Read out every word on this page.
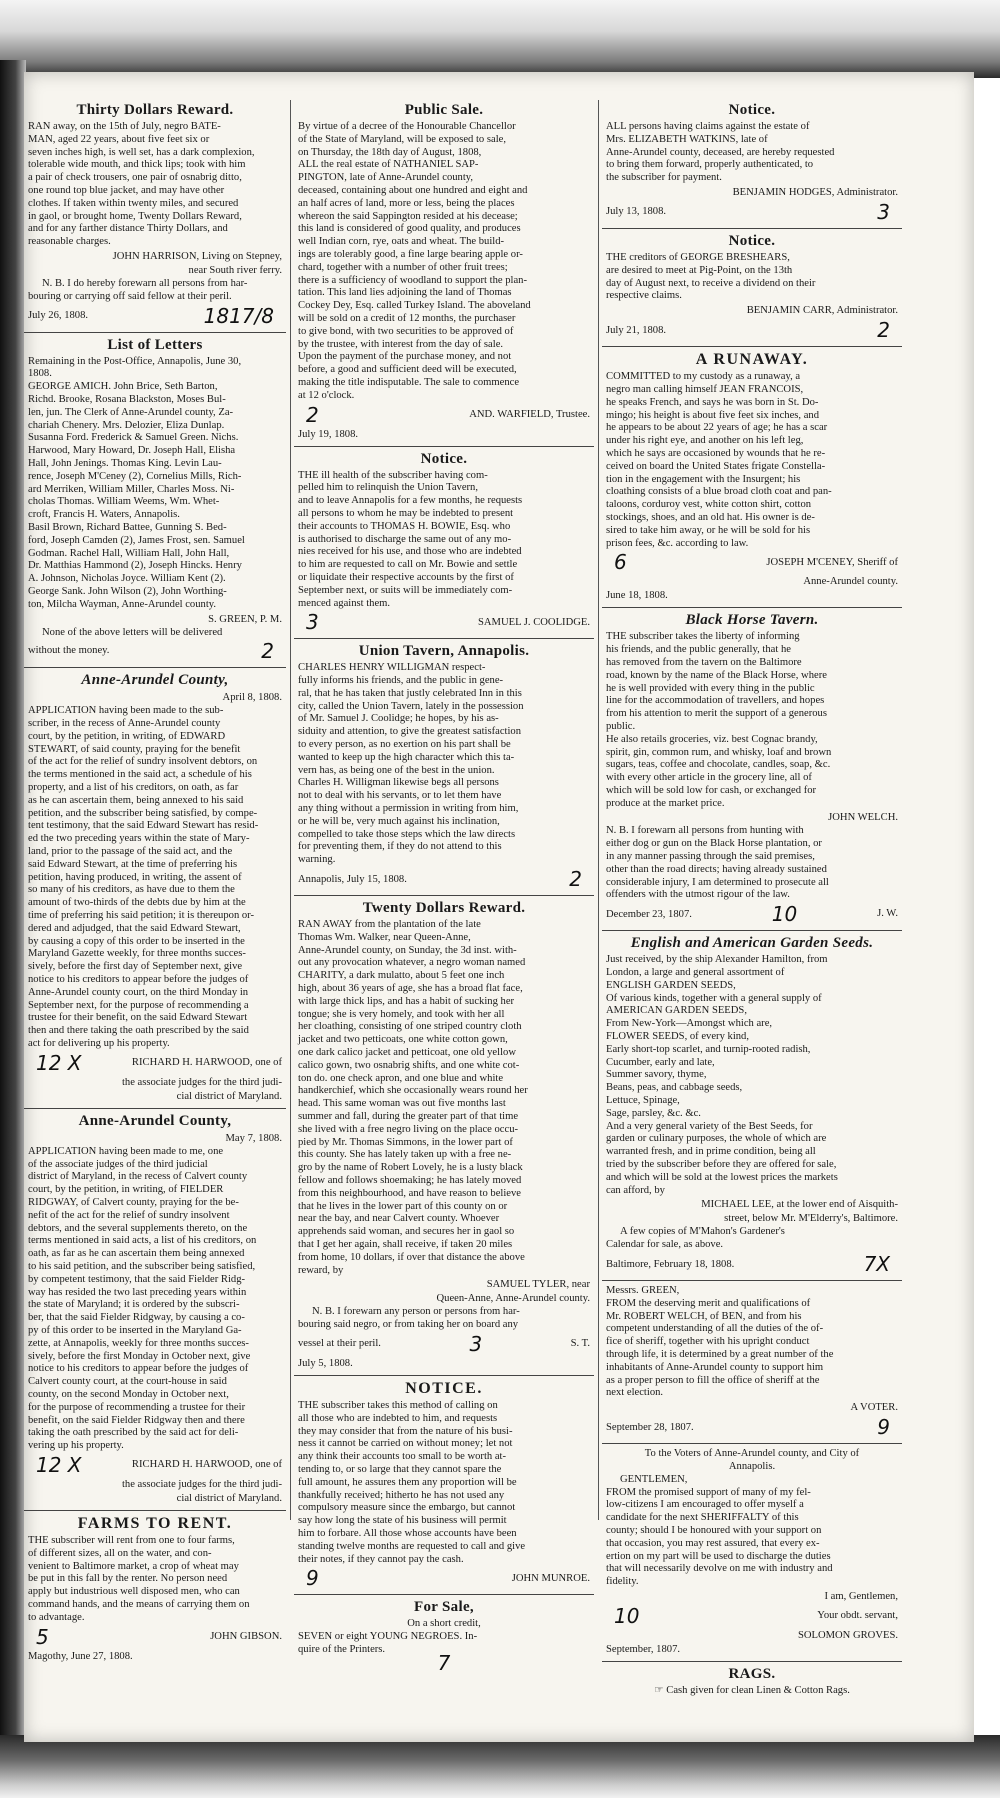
Thirty Dollars Reward.

RAN away, on the 15th of July, negro BATE-

MAN, aged 22 years, about five feet six or

seven inches high, is well set, has a dark complexion,

tolerable wide mouth, and thick lips; took with him

a pair of check trousers, one pair of osnabrig ditto,

one round top blue jacket, and may have other

clothes. If taken within twenty miles, and secured

in gaol, or brought home, Twenty Dollars Reward,

and for any farther distance Thirty Dollars, and

reasonable charges.

JOHN HARRISON, Living on Stepney,
near South river ferry.

N. B. I do hereby forewarn all persons from har-

bouring or carrying off said fellow at their peril.

July 26, 1808.	1817/8
List of Letters

Remaining in the Post-Office, Annapolis, June 30,

1808.

GEORGE AMICH. John Brice, Seth Barton,

Richd. Brooke, Rosana Blackston, Moses Bul-

len, jun. The Clerk of Anne-Arundel county, Za-

chariah Chenery. Mrs. Delozier, Eliza Dunlap.

Susanna Ford. Frederick & Samuel Green. Nichs.

Harwood, Mary Howard, Dr. Joseph Hall, Elisha

Hall, John Jenings. Thomas King. Levin Lau-

rence, Joseph M'Ceney (2), Cornelius Mills, Rich-

ard Merriken, William Miller, Charles Moss. Ni-

cholas Thomas. William Weems, Wm. Whet-

croft, Francis H. Waters, Annapolis.

Basil Brown, Richard Battee, Gunning S. Bed-

ford, Joseph Camden (2), James Frost, sen. Samuel

Godman. Rachel Hall, William Hall, John Hall,

Dr. Matthias Hammond (2), Joseph Hincks. Henry

A. Johnson, Nicholas Joyce. William Kent (2).

George Sank. John Wilson (2), John Worthing-

ton, Milcha Wayman, Anne-Arundel county.

S. GREEN, P. M.

None of the above letters will be delivered

without the money.	2
Anne-Arundel County,
April 8, 1808.

APPLICATION having been made to the sub-

scriber, in the recess of Anne-Arundel county

court, by the petition, in writing, of EDWARD

STEWART, of said county, praying for the benefit

of the act for the relief of sundry insolvent debtors, on

the terms mentioned in the said act, a schedule of his

property, and a list of his creditors, on oath, as far

as he can ascertain them, being annexed to his said

petition, and the subscriber being satisfied, by compe-

tent testimony, that the said Edward Stewart has resid-

ed the two preceding years within the state of Mary-

land, prior to the passage of the said act, and the

said Edward Stewart, at the time of preferring his

petition, having produced, in writing, the assent of

so many of his creditors, as have due to them the

amount of two-thirds of the debts due by him at the

time of preferring his said petition; it is thereupon or-

dered and adjudged, that the said Edward Stewart,

by causing a copy of this order to be inserted in the

Maryland Gazette weekly, for three months succes-

sively, before the first day of September next, give

notice to his creditors to appear before the judges of

Anne-Arundel county court, on the third Monday in

September next, for the purpose of recommending a

trustee for their benefit, on the said Edward Stewart

then and there taking the oath prescribed by the said

act for delivering up his property.

12 X	RICHARD H. HARWOOD, one of
the associate judges for the third judi-
cial district of Maryland.
Anne-Arundel County,
May 7, 1808.

APPLICATION having been made to me, one

of the associate judges of the third judicial

district of Maryland, in the recess of Calvert county

court, by the petition, in writing, of FIELDER

RIDGWAY, of Calvert county, praying for the be-

nefit of the act for the relief of sundry insolvent

debtors, and the several supplements thereto, on the

terms mentioned in said acts, a list of his creditors, on

oath, as far as he can ascertain them being annexed

to his said petition, and the subscriber being satisfied,

by competent testimony, that the said Fielder Ridg-

way has resided the two last preceding years within

the state of Maryland; it is ordered by the subscri-

ber, that the said Fielder Ridgway, by causing a co-

py of this order to be inserted in the Maryland Ga-

zette, at Annapolis, weekly for three months succes-

sively, before the first Monday in October next, give

notice to his creditors to appear before the judges of

Calvert county court, at the court-house in said

county, on the second Monday in October next,

for the purpose of recommending a trustee for their

benefit, on the said Fielder Ridgway then and there

taking the oath prescribed by the said act for deli-

vering up his property.

12 X	RICHARD H. HARWOOD, one of
the associate judges for the third judi-
cial district of Maryland.
FARMS TO RENT.

THE subscriber will rent from one to four farms,

of different sizes, all on the water, and con-

venient to Baltimore market, a crop of wheat may

be put in this fall by the renter. No person need

apply but industrious well disposed men, who can

command hands, and the means of carrying them on

to advantage.

5	JOHN GIBSON.
Magothy, June 27, 1808.
Public Sale.

By virtue of a decree of the Honourable Chancellor

of the State of Maryland, will be exposed to sale,

on Thursday, the 18th day of August, 1808,

ALL the real estate of NATHANIEL SAP-

PINGTON, late of Anne-Arundel county,

deceased, containing about one hundred and eight and

an half acres of land, more or less, being the places

whereon the said Sappington resided at his decease;

this land is considered of good quality, and produces

well Indian corn, rye, oats and wheat. The build-

ings are tolerably good, a fine large bearing apple or-

chard, together with a number of other fruit trees;

there is a sufficiency of woodland to support the plan-

tation. This land lies adjoining the land of Thomas

Cockey Dey, Esq. called Turkey Island. The aboveland

will be sold on a credit of 12 months, the purchaser

to give bond, with two securities to be approved of

by the trustee, with interest from the day of sale.

Upon the payment of the purchase money, and not

before, a good and sufficient deed will be executed,

making the title indisputable. The sale to commence

at 12 o'clock.

2	AND. WARFIELD, Trustee.
July 19, 1808.
Notice.

THE ill health of the subscriber having com-

pelled him to relinquish the Union Tavern,

and to leave Annapolis for a few months, he requests

all persons to whom he may be indebted to present

their accounts to THOMAS H. BOWIE, Esq. who

is authorised to discharge the same out of any mo-

nies received for his use, and those who are indebted

to him are requested to call on Mr. Bowie and settle

or liquidate their respective accounts by the first of

September next, or suits will be immediately com-

menced against them.

3	SAMUEL J. COOLIDGE.
Union Tavern, Annapolis.

CHARLES HENRY WILLIGMAN respect-

fully informs his friends, and the public in gene-

ral, that he has taken that justly celebrated Inn in this

city, called the Union Tavern, lately in the possession

of Mr. Samuel J. Coolidge; he hopes, by his as-

siduity and attention, to give the greatest satisfaction

to every person, as no exertion on his part shall be

wanted to keep up the high character which this ta-

vern has, as being one of the best in the union.

Charles H. Willigman likewise begs all persons

not to deal with his servants, or to let them have

any thing without a permission in writing from him,

or he will be, very much against his inclination,

compelled to take those steps which the law directs

for preventing them, if they do not attend to this

warning.

Annapolis, July 15, 1808.	2
Twenty Dollars Reward.

RAN AWAY from the plantation of the late

Thomas Wm. Walker, near Queen-Anne,

Anne-Arundel county, on Sunday, the 3d inst. with-

out any provocation whatever, a negro woman named

CHARITY, a dark mulatto, about 5 feet one inch

high, about 36 years of age, she has a broad flat face,

with large thick lips, and has a habit of sucking her

tongue; she is very homely, and took with her all

her cloathing, consisting of one striped country cloth

jacket and two petticoats, one white cotton gown,

one dark calico jacket and petticoat, one old yellow

calico gown, two osnabrig shifts, and one white cot-

ton do. one check apron, and one blue and white

handkerchief, which she occasionally wears round her

head. This same woman was out five months last

summer and fall, during the greater part of that time

she lived with a free negro living on the place occu-

pied by Mr. Thomas Simmons, in the lower part of

this county. She has lately taken up with a free ne-

gro by the name of Robert Lovely, he is a lusty black

fellow and follows shoemaking; he has lately moved

from this neighbourhood, and have reason to believe

that he lives in the lower part of this county on or

near the bay, and near Calvert county. Whoever

apprehends said woman, and secures her in gaol so

that I get her again, shall receive, if taken 20 miles

from home, 10 dollars, if over that distance the above

reward, by

SAMUEL TYLER, near
Queen-Anne, Anne-Arundel county.

N. B. I forewarn any person or persons from har-

bouring said negro, or from taking her on board any

vessel at their peril.	3	S. T.
July 5, 1808.
NOTICE.

THE subscriber takes this method of calling on

all those who are indebted to him, and requests

they may consider that from the nature of his busi-

ness it cannot be carried on without money; let not

any think their accounts too small to be worth at-

tending to, or so large that they cannot spare the

full amount, he assures them any proportion will be

thankfully received; hitherto he has not used any

compulsory measure since the embargo, but cannot

say how long the state of his business will permit

him to forbare. All those whose accounts have been

standing twelve months are requested to call and give

their notes, if they cannot pay the cash.

9	JOHN MUNROE.
For Sale,
On a short credit,

SEVEN or eight YOUNG NEGROES. In-

quire of the Printers.

7
Notice.

ALL persons having claims against the estate of

Mrs. ELIZABETH WATKINS, late of

Anne-Arundel county, deceased, are hereby requested

to bring them forward, properly authenticated, to

the subscriber for payment.

BENJAMIN HODGES, Administrator.
July 13, 1808.	3
Notice.

THE creditors of GEORGE BRESHEARS,

are desired to meet at Pig-Point, on the 13th

day of August next, to receive a dividend on their

respective claims.

BENJAMIN CARR, Administrator.
July 21, 1808.	2
A RUNAWAY.

COMMITTED to my custody as a runaway, a

negro man calling himself JEAN FRANCOIS,

he speaks French, and says he was born in St. Do-

mingo; his height is about five feet six inches, and

he appears to be about 22 years of age; he has a scar

under his right eye, and another on his left leg,

which he says are occasioned by wounds that he re-

ceived on board the United States frigate Constella-

tion in the engagement with the Insurgent; his

cloathing consists of a blue broad cloth coat and pan-

taloons, corduroy vest, white cotton shirt, cotton

stockings, shoes, and an old hat. His owner is de-

sired to take him away, or he will be sold for his

prison fees, &c. according to law.

6	JOSEPH M'CENEY, Sheriff of
Anne-Arundel county.
June 18, 1808.
Black Horse Tavern.

THE subscriber takes the liberty of informing

his friends, and the public generally, that he

has removed from the tavern on the Baltimore

road, known by the name of the Black Horse, where

he is well provided with every thing in the public

line for the accommodation of travellers, and hopes

from his attention to merit the support of a generous

public.

He also retails groceries, viz. best Cognac brandy,

spirit, gin, common rum, and whisky, loaf and brown

sugars, teas, coffee and chocolate, candles, soap, &c.

with every other article in the grocery line, all of

which will be sold low for cash, or exchanged for

produce at the market price.

JOHN WELCH.

N. B. I forewarn all persons from hunting with

either dog or gun on the Black Horse plantation, or

in any manner passing through the said premises,

other than the road directs; having already sustained

considerable injury, I am determined to prosecute all

offenders with the utmost rigour of the law.

December 23, 1807.	10	J. W.
English and American Garden Seeds.

Just received, by the ship Alexander Hamilton, from

London, a large and general assortment of

ENGLISH GARDEN SEEDS,

Of various kinds, together with a general supply of

AMERICAN GARDEN SEEDS,

From New-York—Amongst which are,

FLOWER SEEDS, of every kind,

Early short-top scarlet, and turnip-rooted radish,

Cucumber, early and late,

Summer savory, thyme,

Beans, peas, and cabbage seeds,

Lettuce, Spinage,

Sage, parsley, &c. &c.

And a very general variety of the Best Seeds, for

garden or culinary purposes, the whole of which are

warranted fresh, and in prime condition, being all

tried by the subscriber before they are offered for sale,

and which will be sold at the lowest prices the markets

can afford, by

MICHAEL LEE, at the lower end of Aisquith-
street, below Mr. M'Elderry's, Baltimore.

A few copies of M'Mahon's Gardener's

Calendar for sale, as above.

Baltimore, February 18, 1808.	7X
Messrs. GREEN,

FROM the deserving merit and qualifications of

Mr. ROBERT WELCH, of BEN, and from his

competent understanding of all the duties of the of-

fice of sheriff, together with his upright conduct

through life, it is determined by a great number of the

inhabitants of Anne-Arundel county to support him

as a proper person to fill the office of sheriff at the

next election.

A VOTER.
September 28, 1807.	9
To the Voters of Anne-Arundel county, and City of
Annapolis.
GENTLEMEN,

FROM the promised support of many of my fel-

low-citizens I am encouraged to offer myself a

candidate for the next SHERIFFALTY of this

county; should I be honoured with your support on

that occasion, you may rest assured, that every ex-

ertion on my part will be used to discharge the duties

that will necessarily devolve on me with industry and

fidelity.

I am, Gentlemen,
10	Your obdt. servant,
SOLOMON GROVES.
September, 1807.
RAGS.
☞ Cash given for clean Linen & Cotton Rags.
